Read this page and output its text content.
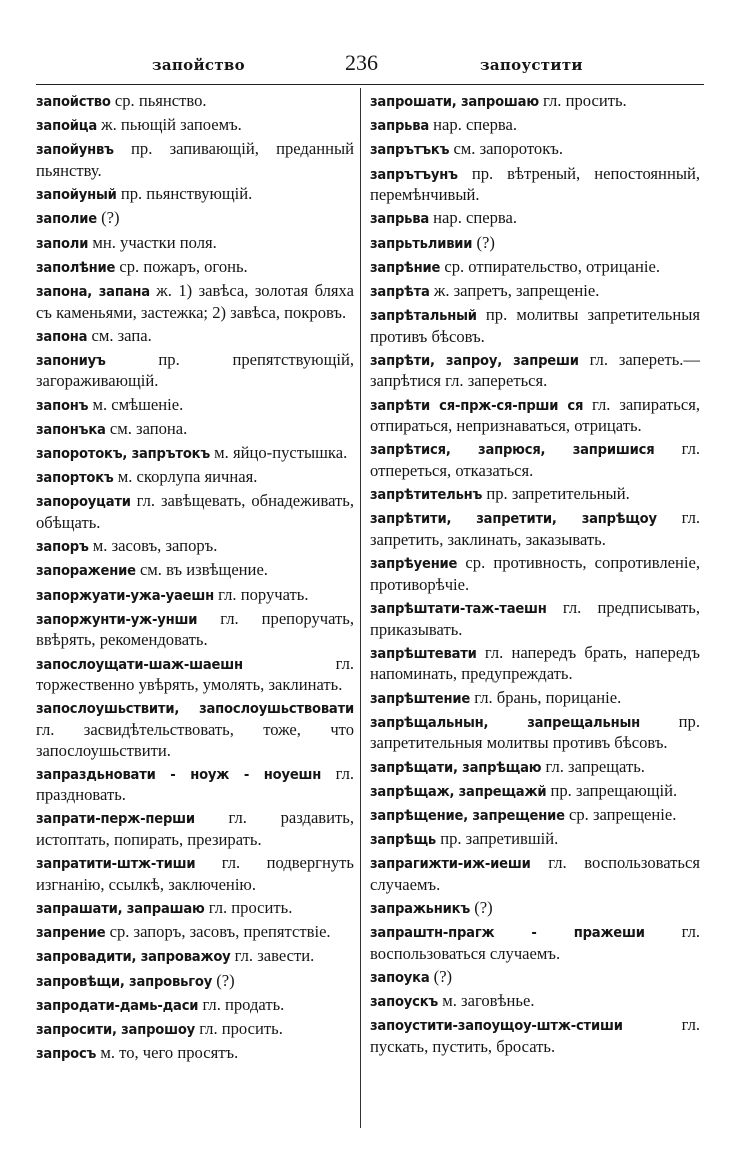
запойство	236	запоустити

запойство ср. пьянство.

запойца ж. пьющій запоемъ.

запойунвъ пр. запивающій, преданный пьянству.

запойуный пр. пьянствующій.

заполие (?)

заполи мн. участки поля.

заполѣние ср. пожаръ, огонь.

запона, запана ж. 1) завѣса, золотая бляха съ каменьями, застежка; 2) завѣса, покровъ.

запона см. запа.

запониуъ пр. препятствующій, загораживающій.

запонъ м. смѣшеніе.

запонъка см. запона.

запоротокъ, запрътокъ м. яйцо-пустышка.

запортокъ м. скорлупа яичная.

запороуцати гл. завѣщевать, обнадеживать, обѣщать.

запоръ м. засовъ, запоръ.

запоражение см. въ извѣщение.

запоржуати-ужа-уаешн гл. поручать.

запоржунти-уж-унши гл. препоручать, ввѣрять, рекомендовать.

запослоущати-шаж-шаешн гл. торжественно увѣрять, умолять, заклинать.

запослоушьствити, запослоушьствовати гл. засвидѣтельствовать, тоже, что запослоушьствити.

запраздьновати - ноуж - ноуешн гл. праздновать.

запрати-перж-перши гл. раздавить, истоптать, попирать, презирать.

запратити-штж-тиши гл. подвергнуть изгнанію, ссылкѣ, заключенію.

запрашати, запрашаю гл. просить.

запрение ср. запоръ, засовъ, препятствіе.

запровадити, запроважоу гл. завести.

запровѣщи, запровьгоу (?)

запродати-дамь-даси гл. продать.

запросити, запрошоу гл. просить.

запросъ м. то, чего просятъ.

запрошати, запрошаю гл. просить.

запрьва нар. сперва.

запрътъкъ см. запоротокъ.

запрътъунъ пр. вѣтреный, непостоянный, перемѣнчивый.

запрьва нар. сперва.

запрьтьливии (?)

запрѣние ср. отпирательство, отрицаніе.

запрѣта ж. запретъ, запрещеніе.

запрѣтальный пр. молитвы запретительныя противъ бѣсовъ.

запрѣти, запроу, запреши гл. запереть.—запрѣтися гл. запереться.

запрѣти ся-прж-ся-прши ся гл. запираться, отпираться, непризнаваться, отрицать.

запрѣтися, запрюся, запришися гл. отпереться, отказаться.

запрѣтительнъ пр. запретительный.

запрѣтити, запретити, запрѣщоу гл. запретить, заклинать, заказывать.

запрѣуение ср. противность, сопротивленіе, противорѣчіе.

запрѣштати-таж-таешн гл. предписывать, приказывать.

запрѣштевати гл. напередъ брать, напередъ напоминать, предупреждать.

запрѣштение гл. брань, порицаніе.

запрѣщальнын, запрещальнын пр. запретительныя молитвы противъ бѣсовъ.

запрѣщати, запрѣщаю гл. запрещать.

запрѣщаж, запрещажй пр. запрещающій.

запрѣщение, запрещение ср. запрещеніе.

запрѣщь пр. запретившій.

запрагижти-иж-иеши гл. воспользоваться случаемъ.

запражьникъ (?)

запраштн-прагж - пражеши гл. воспользоваться случаемъ.

запоука (?)

запоускъ м. заговѣнье.

запоустити-запоущоу-штж-стиши гл. пускать, пустить, бросать.
